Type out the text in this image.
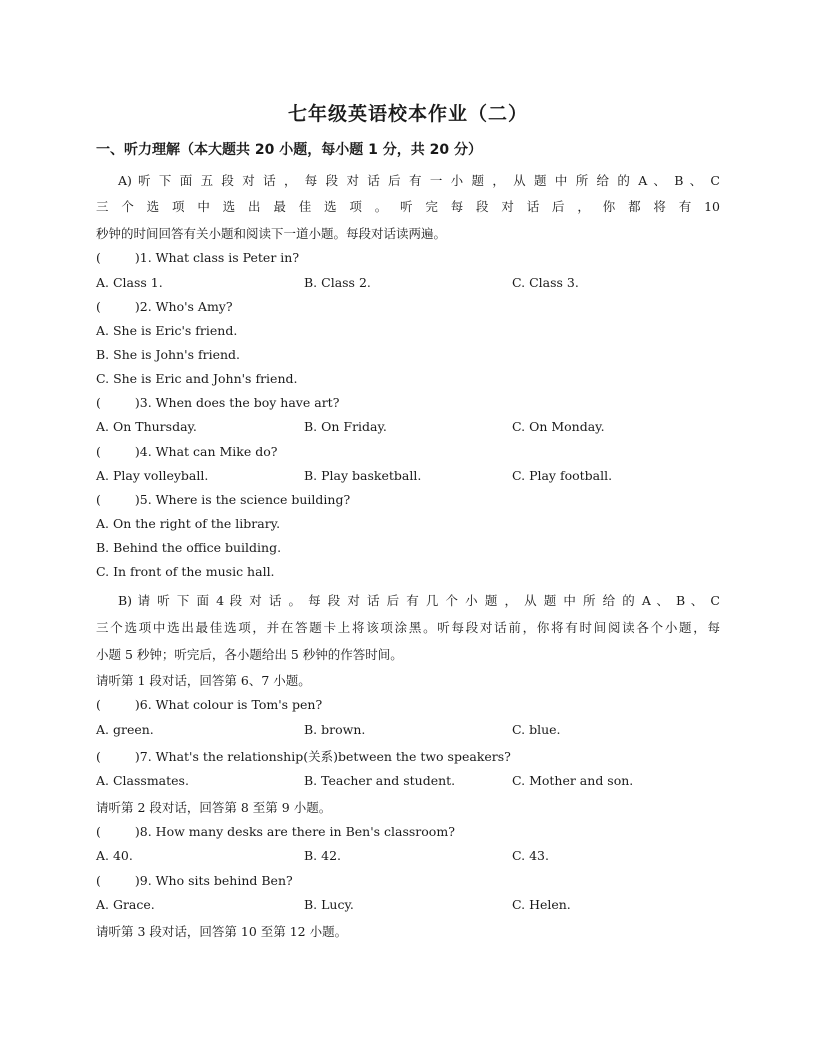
七年级英语校本作业（二）
一、听力理解（本大题共 20 小题，每小题 1 分，共 20 分）
A) 听 下 面 五 段 对 话 ， 每 段 对 话 后 有 一 小 题 ， 从 题 中 所 给 的 A 、 B 、 C
三 个 选 项 中 选 出 最 佳 选 项 。 听 完 每 段 对 话 后 ， 你 都 将 有 10
秒钟的时间回答有关小题和阅读下一道小题。每段对话读两遍。
(	)1. What class is Peter in?
A. Class 1.	B. Class 2.	C. Class 3.
(	)2. Who's Amy?
A. She is Eric's friend.
B. She is John's friend.
C. She is Eric and John's friend.
(	)3. When does the boy have art?
A. On Thursday.	B. On Friday.	C. On Monday.
(	)4. What can Mike do?
A. Play volleyball.	B. Play basketball.	C. Play football.
(	)5. Where is the science building?
A. On the right of the library.
B. Behind the office building.
C. In front of the music hall.
B) 请 听 下 面 4 段 对 话 。 每 段 对 话 后 有 几 个 小 题 ， 从 题 中 所 给 的 A 、 B 、 C
三个选项中选出最佳选项，并在答题卡上将该项涂黑。听每段对话前，你将有时间阅读各个小题，每
小题 5 秒钟；听完后，各小题给出 5 秒钟的作答时间。
请听第 1 段对话，回答第 6、7 小题。
(	)6. What colour is Tom's pen?
A. green.	B. brown.	C. blue.
(	)7. What's the relationship(关系)between the two speakers?
A. Classmates.	B. Teacher and student.	C. Mother and son.
请听第 2 段对话，回答第 8 至第 9 小题。
(	)8. How many desks are there in Ben's classroom?
A. 40.	B. 42.	C. 43.
(	)9. Who sits behind Ben?
A. Grace.	B. Lucy.	C. Helen.
请听第 3 段对话，回答第 10 至第 12 小题。
